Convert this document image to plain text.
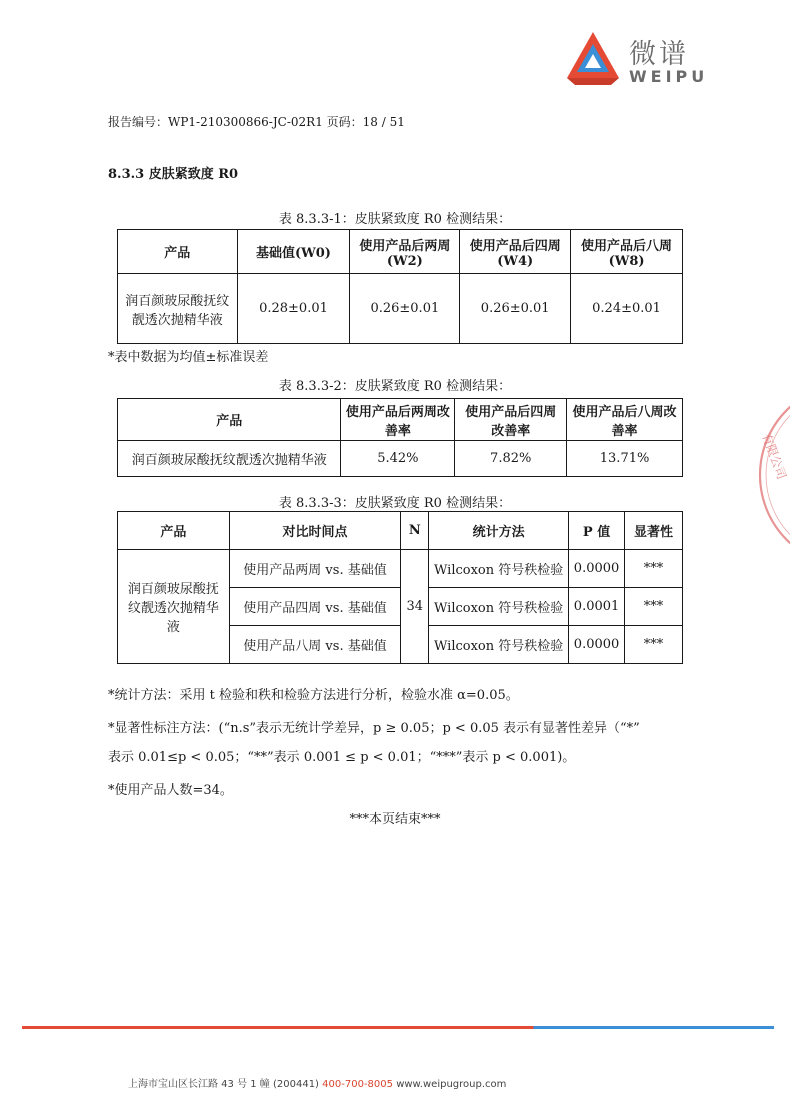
微谱
WEIPU
报告编号：WP1-210300866-JC-02R1 页码：18 / 51
8.3.3 皮肤紧致度 R0
表 8.3.3-1：皮肤紧致度 R0 检测结果：
产品	基础值(W0)	使用产品后两周(W2)	使用产品后四周(W4)	使用产品后八周(W8)
润百颜玻尿酸抚纹靓透次抛精华液	0.28±0.01	0.26±0.01	0.26±0.01	0.24±0.01
*表中数据为均值±标准误差
表 8.3.3-2：皮肤紧致度 R0 检测结果：
产品	使用产品后两周改善率	使用产品后四周改善率	使用产品后八周改善率
润百颜玻尿酸抚纹靓透次抛精华液	5.42%	7.82%	13.71%
表 8.3.3-3：皮肤紧致度 R0 检测结果：
产品	对比时间点	N	统计方法	P 值	显著性
润百颜玻尿酸抚纹靓透次抛精华液	使用产品两周 vs. 基础值	34	Wilcoxon 符号秩检验	0.0000	***
	使用产品四周 vs. 基础值		Wilcoxon 符号秩检验	0.0001	***
	使用产品八周 vs. 基础值		Wilcoxon 符号秩检验	0.0000	***
*统计方法：采用 t 检验和秩和检验方法进行分析，检验水准 α=0.05。
*显著性标注方法：(“n.s”表示无统计学差异，p ≥ 0.05；p < 0.05 表示有显著性差异（“*”
表示 0.01≤p < 0.05；“**”表示 0.001 ≤ p < 0.01；“***”表示 p < 0.001)。
*使用产品人数=34。
***本页结束***
有限公司
上海市宝山区长江路 43 号 1 幢 (200441) 400-700-8005 www.weipugroup.com
